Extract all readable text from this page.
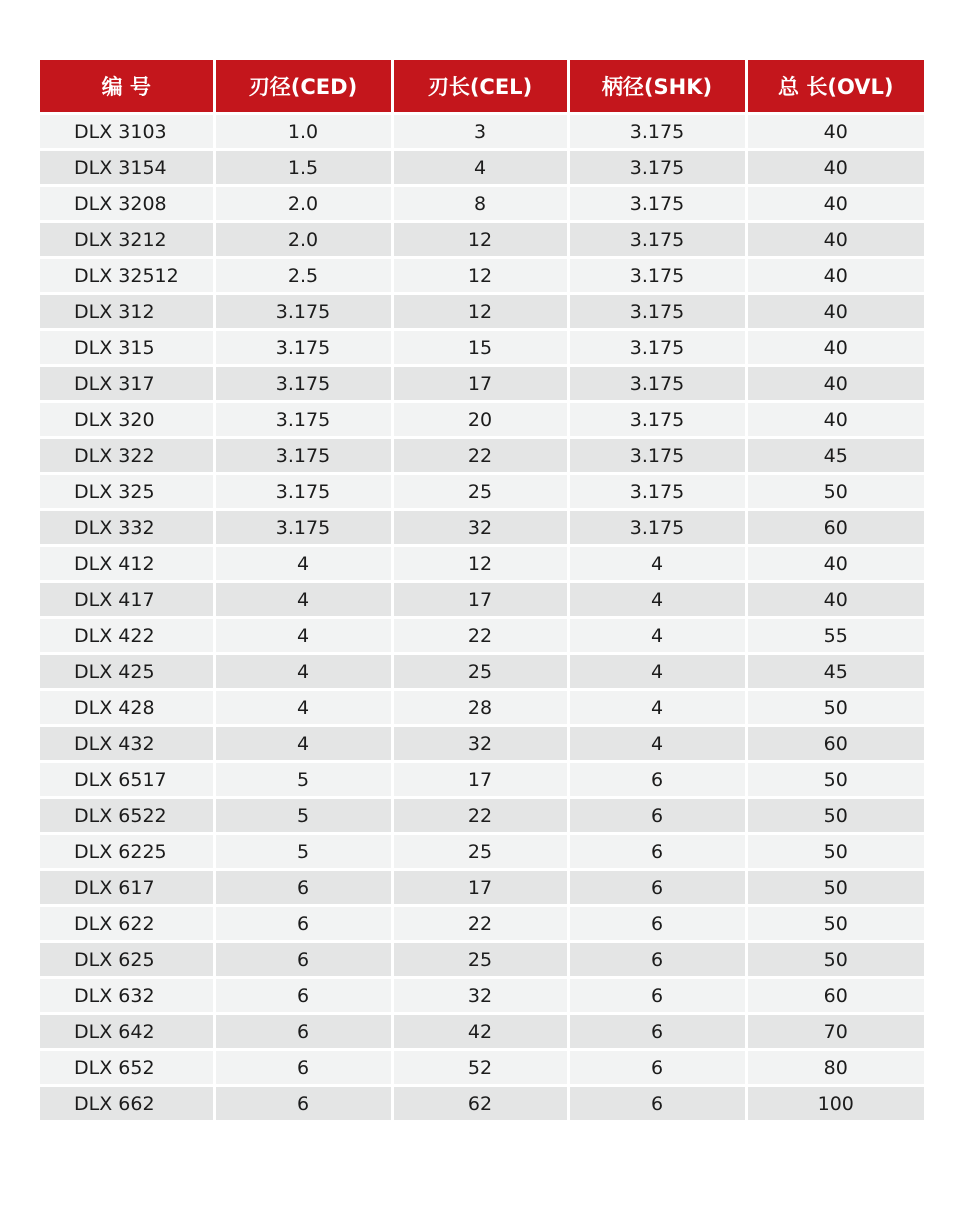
编 号	刃径(CED)	刃长(CEL)	柄径(SHK)	总 长(OVL)
DLX 3103	1.0	3	3.175	40
DLX 3154	1.5	4	3.175	40
DLX 3208	2.0	8	3.175	40
DLX 3212	2.0	12	3.175	40
DLX 32512	2.5	12	3.175	40
DLX 312	3.175	12	3.175	40
DLX 315	3.175	15	3.175	40
DLX 317	3.175	17	3.175	40
DLX 320	3.175	20	3.175	40
DLX 322	3.175	22	3.175	45
DLX 325	3.175	25	3.175	50
DLX 332	3.175	32	3.175	60
DLX 412	4	12	4	40
DLX 417	4	17	4	40
DLX 422	4	22	4	55
DLX 425	4	25	4	45
DLX 428	4	28	4	50
DLX 432	4	32	4	60
DLX 6517	5	17	6	50
DLX 6522	5	22	6	50
DLX 6225	5	25	6	50
DLX 617	6	17	6	50
DLX 622	6	22	6	50
DLX 625	6	25	6	50
DLX 632	6	32	6	60
DLX 642	6	42	6	70
DLX 652	6	52	6	80
DLX 662	6	62	6	100
